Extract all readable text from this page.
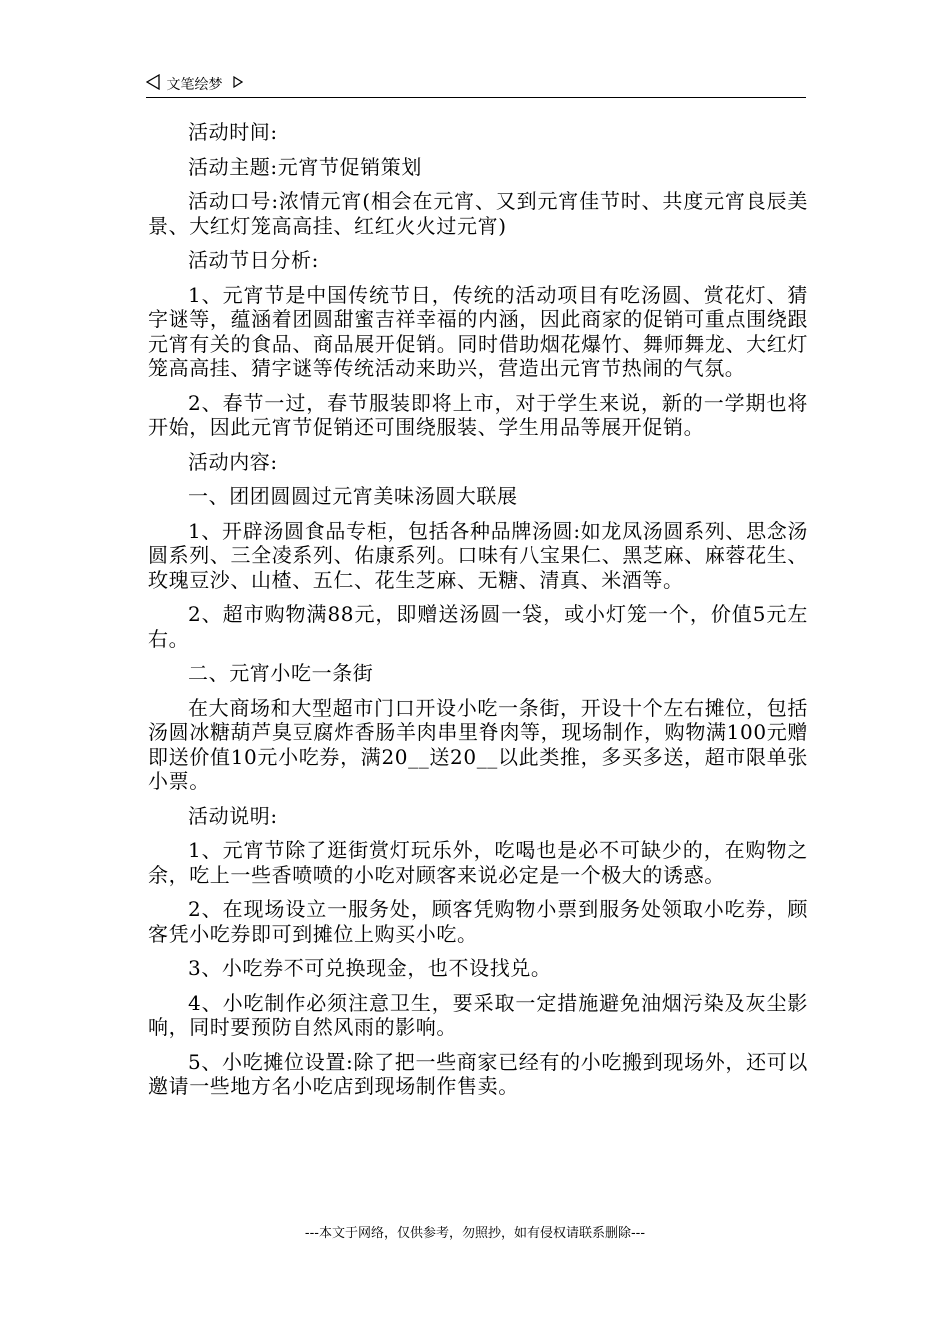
文笔绘梦

活动时间:

活动主题:元宵节促销策划

活动口号:浓情元宵(相会在元宵、又到元宵佳节时、共度元宵良辰美景、大红灯笼高高挂、红红火火过元宵)

活动节日分析:

1、元宵节是中国传统节日，传统的活动项目有吃汤圆、赏花灯、猜字谜等，蕴涵着团圆甜蜜吉祥幸福的内涵，因此商家的促销可重点围绕跟元宵有关的食品、商品展开促销。同时借助烟花爆竹、舞师舞龙、大红灯笼高高挂、猜字谜等传统活动来助兴，营造出元宵节热闹的气氛。

2、春节一过，春节服装即将上市，对于学生来说，新的一学期也将开始，因此元宵节促销还可围绕服装、学生用品等展开促销。

活动内容:

一、团团圆圆过元宵美味汤圆大联展

1、开辟汤圆食品专柜，包括各种品牌汤圆:如龙凤汤圆系列、思念汤圆系列、三全凌系列、佑康系列。口味有八宝果仁、黑芝麻、麻蓉花生、玫瑰豆沙、山楂、五仁、花生芝麻、无糖、清真、米酒等。

2、超市购物满88元，即赠送汤圆一袋，或小灯笼一个，价值5元左右。

二、元宵小吃一条街

在大商场和大型超市门口开设小吃一条街，开设十个左右摊位，包括汤圆冰糖葫芦臭豆腐炸香肠羊肉串里脊肉等，现场制作，购物满100元赠即送价值10元小吃券，满20__送20__以此类推，多买多送，超市限单张小票。

活动说明:

1、元宵节除了逛街赏灯玩乐外，吃喝也是必不可缺少的，在购物之余，吃上一些香喷喷的小吃对顾客来说必定是一个极大的诱惑。

2、在现场设立一服务处，顾客凭购物小票到服务处领取小吃券，顾客凭小吃券即可到摊位上购买小吃。

3、小吃券不可兑换现金，也不设找兑。

4、小吃制作必须注意卫生，要采取一定措施避免油烟污染及灰尘影响，同时要预防自然风雨的影响。

5、小吃摊位设置:除了把一些商家已经有的小吃搬到现场外，还可以邀请一些地方名小吃店到现场制作售卖。

---本文于网络，仅供参考，勿照抄，如有侵权请联系删除---
